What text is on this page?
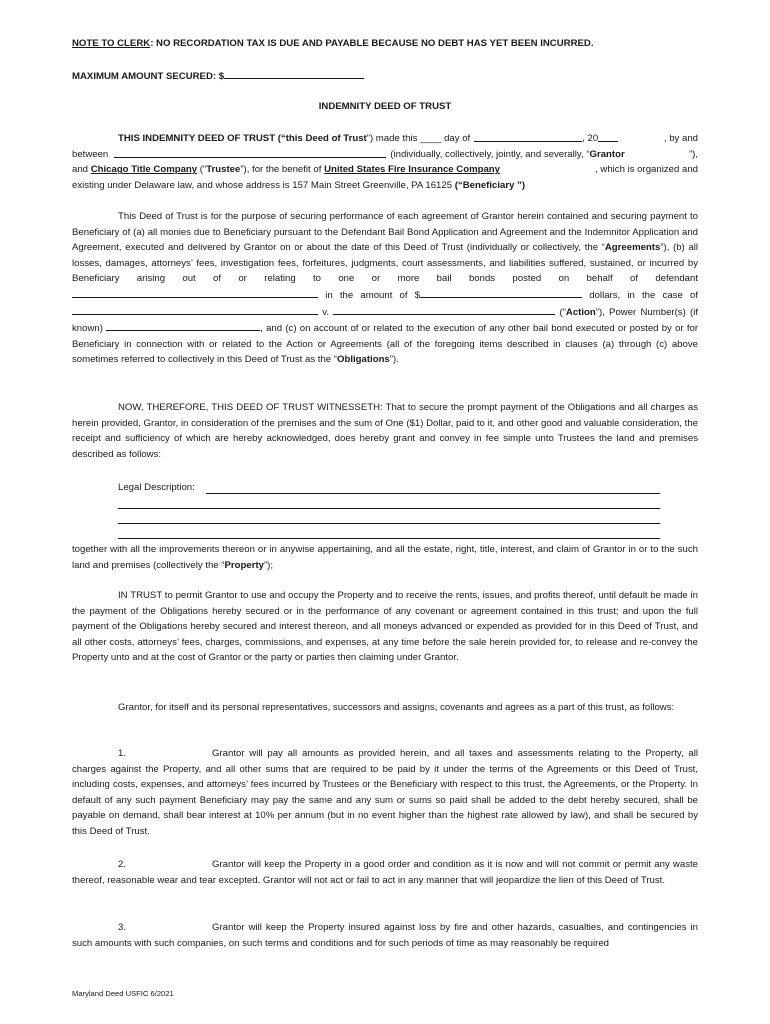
NOTE TO CLERK: NO RECORDATION TAX IS DUE AND PAYABLE BECAUSE NO DEBT HAS YET BEEN INCURRED.
MAXIMUM AMOUNT SECURED: $
INDEMNITY DEED OF TRUST
THIS INDEMNITY DEED OF TRUST (“ this Deed of Trust ”) made this ____ day of	, 20	, by and
between	(individually, collectively, jointly, and severally, “ Grantor	”),
and Chicago Title Company (“ Trustee ”), for the benefit of United States Fire Insurance Company	, which is organized and
existing under Delaware law, and whose address is 157 Main Street Greenville, PA 16125 (“Beneficiary ”)
This Deed of Trust is for the purpose of securing performance of each agreement of Grantor herein contained and securing payment to Beneficiary of (a) all monies due to Beneficiary pursuant to the Defendant Bail Bond Application and Agreement and the Indemnitor Application and Agreement, executed and delivered by Grantor on or about the date of this Deed of Trust (individually or collectively, the “Agreements”), (b) all losses, damages, attorneys’ fees, investigation fees, forfeitures, judgments, court assessments, and liabilities suffered, sustained, or incurred by Beneficiary arising out of or relating to one or more bail bonds posted on behalf of defendant  in the amount of $	dollars, in the case of  v.	(“Action”), Power Number(s) (if known)	, and (c) on account of or related to the execution of any other bail bond executed or posted by or for Beneficiary in connection with or related to the Action or Agreements (all of the foregoing items described in clauses (a) through (c) above sometimes referred to collectively in this Deed of Trust as the “Obligations”).
NOW, THEREFORE, THIS DEED OF TRUST WITNESSETH: That to secure the prompt payment of the Obligations and all charges as herein provided, Grantor, in consideration of the premises and the sum of One ($1) Dollar, paid to it, and other good and valuable consideration, the receipt and sufficiency of which are hereby acknowledged, does hereby grant and convey in fee simple unto Trustees the land and premises described as follows:
Legal Description:
together with all the improvements thereon or in anywise appertaining, and all the estate, right, title, interest, and claim of Grantor in or to the such land and premises (collectively the “Property”);
IN TRUST to permit Grantor to use and occupy the Property and to receive the rents, issues, and profits thereof, until default be made in the payment of the Obligations hereby secured or in the performance of any covenant or agreement contained in this trust; and upon the full payment of the Obligations hereby secured and interest thereon, and all moneys advanced or expended as provided for in this Deed of Trust, and all other costs, attorneys’ fees, charges, commissions, and expenses, at any time before the sale herein provided for, to release and re-convey the Property unto and at the cost of Grantor or the party or parties then claiming under Grantor.
Grantor, for itself and its personal representatives, successors and assigns, covenants and agrees as a part of this trust, as follows:
1.	Grantor will pay all amounts as provided herein, and all taxes and assessments relating to the Property, all charges against the Property, and all other sums that are required to be paid by it under the terms of the Agreements or this Deed of Trust, including costs, expenses, and attorneys’ fees incurred by Trustees or the Beneficiary with respect to this trust, the Agreements, or the Property. In default of any such payment Beneficiary may pay the same and any sum or sums so paid shall be added to the debt hereby secured, shall be payable on demand, shall bear interest at 10% per annum (but in no event higher than the highest rate allowed by law), and shall be secured by this Deed of Trust.
2.	Grantor will keep the Property in a good order and condition as it is now and will not commit or permit any waste thereof, reasonable wear and tear excepted. Grantor will not act or fail to act in any manner that will jeopardize the lien of this Deed of Trust.
3.	Grantor will keep the Property insured against loss by fire and other hazards, casualties, and contingencies in such amounts with such companies, on such terms and conditions and for such periods of time as may reasonably be required
Maryland Deed USFIC 6/2021
